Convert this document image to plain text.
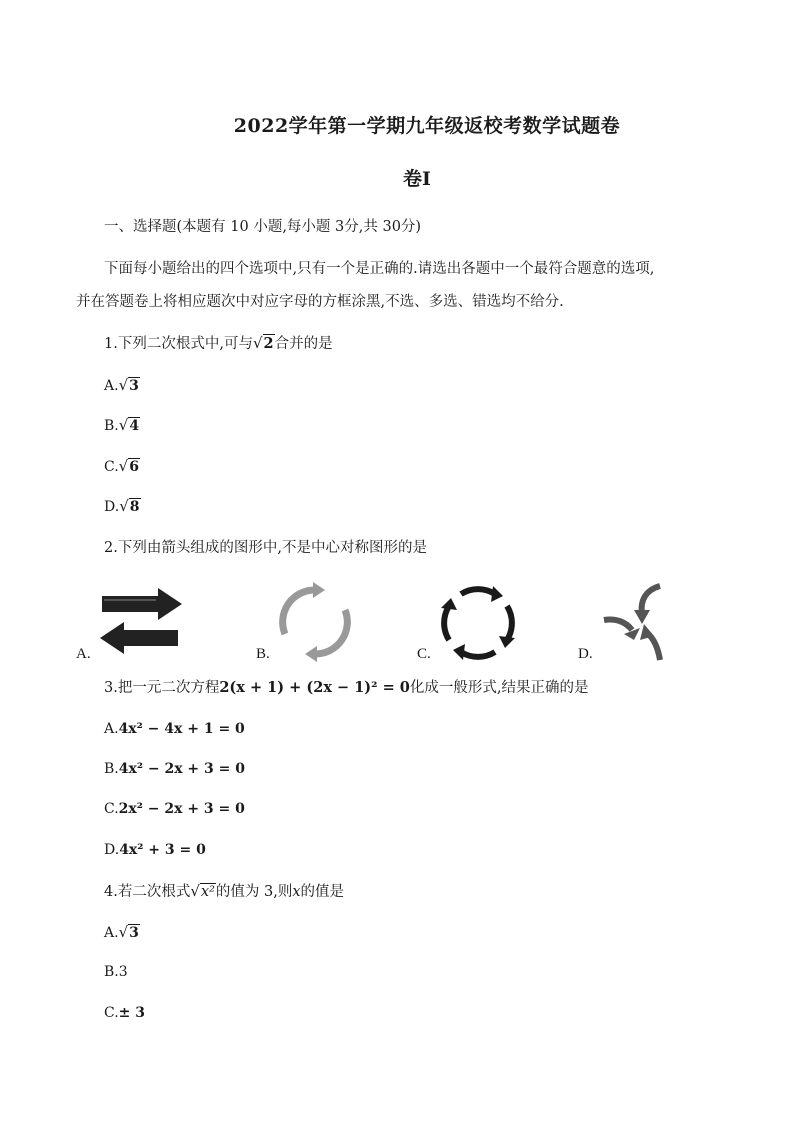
2022学年第一学期九年级返校考数学试题卷
卷I
一、选择题(本题有 10 小题,每小题 3分,共 30分)
下面每小题给出的四个选项中,只有一个是正确的.请选出各题中一个最符合题意的选项,
并在答题卷上将相应题次中对应字母的方框涂黑,不选、多选、错选均不给分.
1.下列二次根式中,可与√2合并的是
A.√3
B.√4
C.√6
D.√8
2.下列由箭头组成的图形中,不是中心对称图形的是
A.	B.	C.	D.
3.把一元二次方程2(x + 1) + (2x − 1)² = 0化成一般形式,结果正确的是
A.4x² − 4x + 1 = 0
B.4x² − 2x + 3 = 0
C.2x² − 2x + 3 = 0
D.4x² + 3 = 0
4.若二次根式√x²的值为 3,则x的值是
A.√3
B.3
C.± 3
